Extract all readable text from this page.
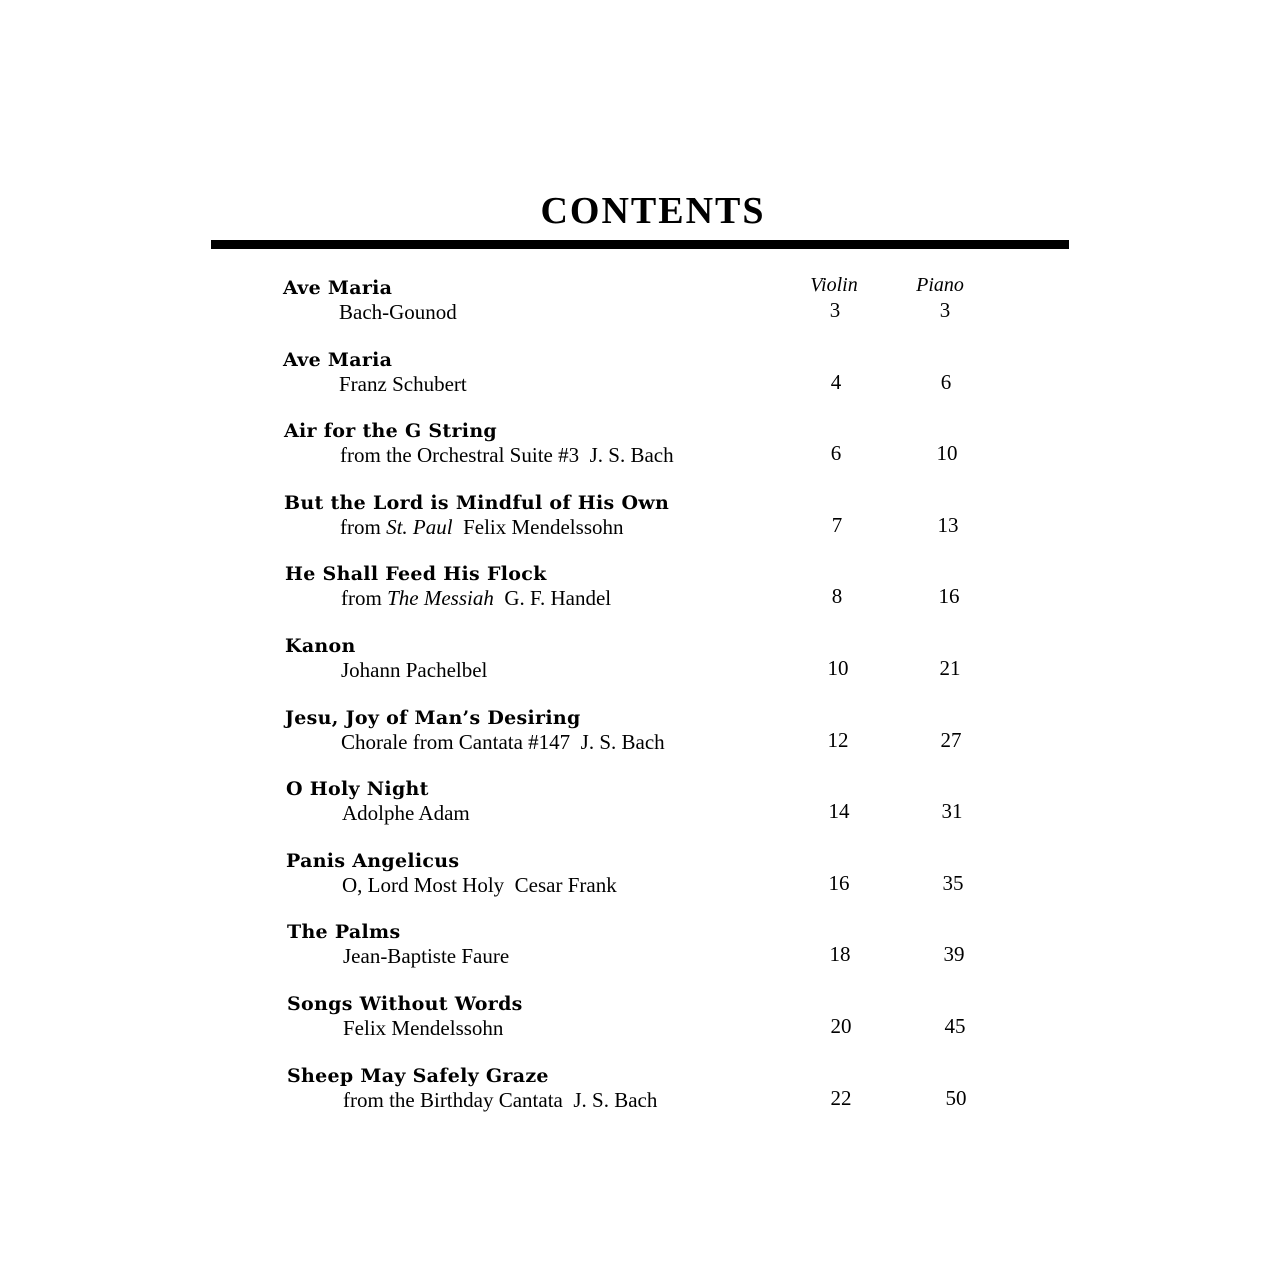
CONTENTS
Violin	Piano
Ave Maria
Bach-Gounod	3	3
Ave Maria
Franz Schubert	4	6
Air for the G String
from the Orchestral Suite #3  J. S. Bach	6	10
But the Lord is Mindful of His Own
from St. Paul  Felix Mendelssohn	7	13
He Shall Feed His Flock
from The Messiah  G. F. Handel	8	16
Kanon
Johann Pachelbel	10	21
Jesu, Joy of Man’s Desiring
Chorale from Cantata #147  J. S. Bach	12	27
O Holy Night
Adolphe Adam	14	31
Panis Angelicus
O, Lord Most Holy  Cesar Frank	16	35
The Palms
Jean-Baptiste Faure	18	39
Songs Without Words
Felix Mendelssohn	20	45
Sheep May Safely Graze
from the Birthday Cantata  J. S. Bach	22	50
